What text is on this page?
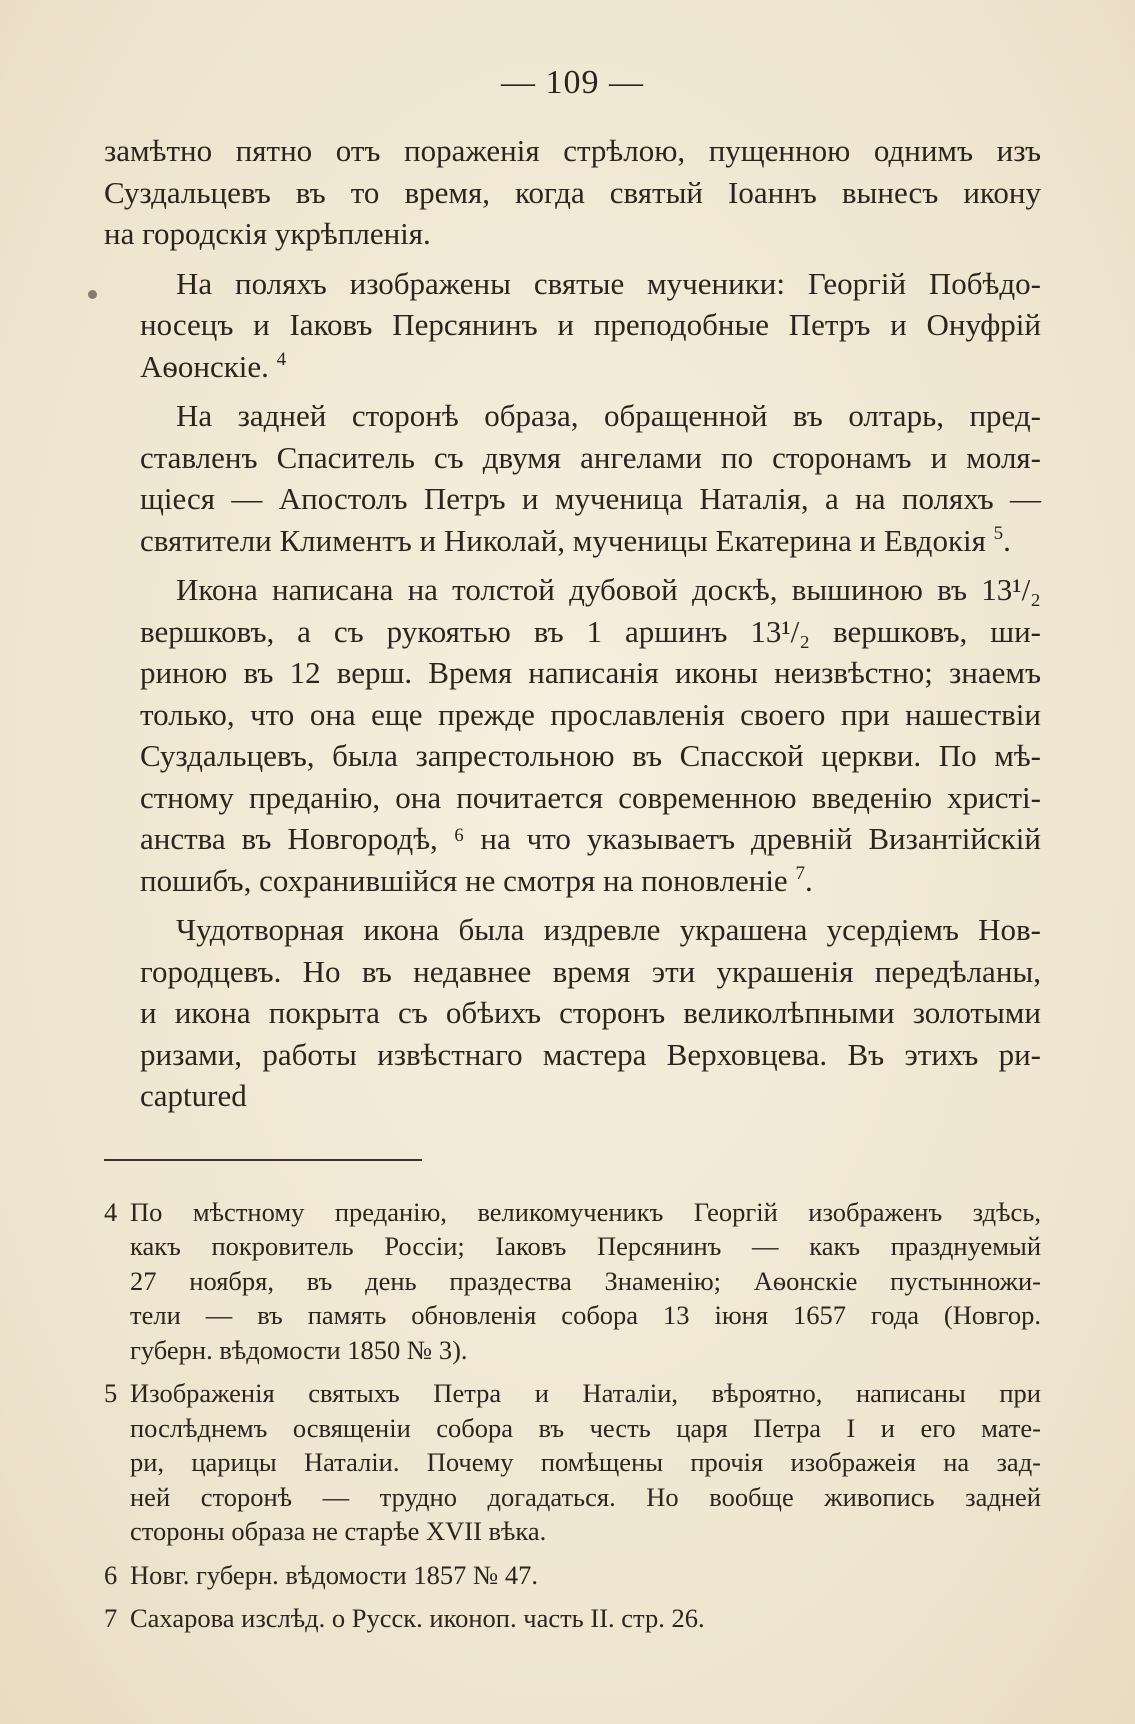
— 109 —

замѣтно пятно отъ пораженія стрѣлою, пущенною однимъ изъ
Суздальцевъ въ то время, когда святый Іоаннъ вынесъ икону
на городскія укрѣпленія.

На поляхъ изображены святые мученики: Георгій Побѣдо-
носецъ и Іаковъ Персянинъ и преподобные Петръ и Онуфрій
Аѳонскіе. $^4$

На задней сторонѣ образа, обращенной въ олтарь, пред-
ставленъ Спаситель съ двумя ангелами по сторонамъ и моля-
щіеся — Апостолъ Петръ и мученица Наталія, а на поляхъ —
святители Климентъ и Николай, мученицы Екатерина и Евдокія $^5$.

Икона написана на толстой дубовой доскѣ, вышиною въ 13¹/₂
вершковъ, а съ рукоятью въ 1 аршинъ 13¹/₂ вершковъ, ши-
риною въ 12 верш. Время написанія иконы неизвѣстно; знаемъ
только, что она еще прежде прославленія своего при нашествіи
Суздальцевъ, была запрестольною въ Спасской церкви. По мѣ-
стному преданію, она почитается современною введенію христі-
анства въ Новгородѣ, ⁶ на что указываетъ древній Византійскій
пошибъ, сохранившійся не смотря на поновленіе $^7$.

Чудотворная икона была издревле украшена усердіемъ Нов-
городцевъ. Но въ недавнее время эти украшенія передѣланы,
и икона покрыта съ обѣихъ сторонъ великолѣпными золотыми
ризами, работы извѣстнаго мастера Верховцева. Въ этихъ ри-
captured

4 По мѣстному преданію, великомученикъ Георгій изображенъ здѣсь,
какъ покровитель Россіи; Іаковъ Персянинъ — какъ празднуемый
27 ноября, въ день праздества Знаменію; Аѳонскіе пустынножи-
тели — въ память обновленія собора 13 іюня 1657 года (Новгор.
губерн. вѣдомости 1850 № 3).
5 Изображенія святыхъ Петра и Наталіи, вѣроятно, написаны при
послѣднемъ освященіи собора въ честь царя Петра I и его мате-
ри, царицы Наталіи. Почему помѣщены прочія изображеія на зад-
ней сторонѣ — трудно догадаться. Но вообще живопись задней
стороны образа не старѣе XVII вѣка.
6 Новг. губерн. вѣдомости 1857 № 47.
7 Сахарова изслѣд. о Русск. иконоп. часть II. стр. 26.
